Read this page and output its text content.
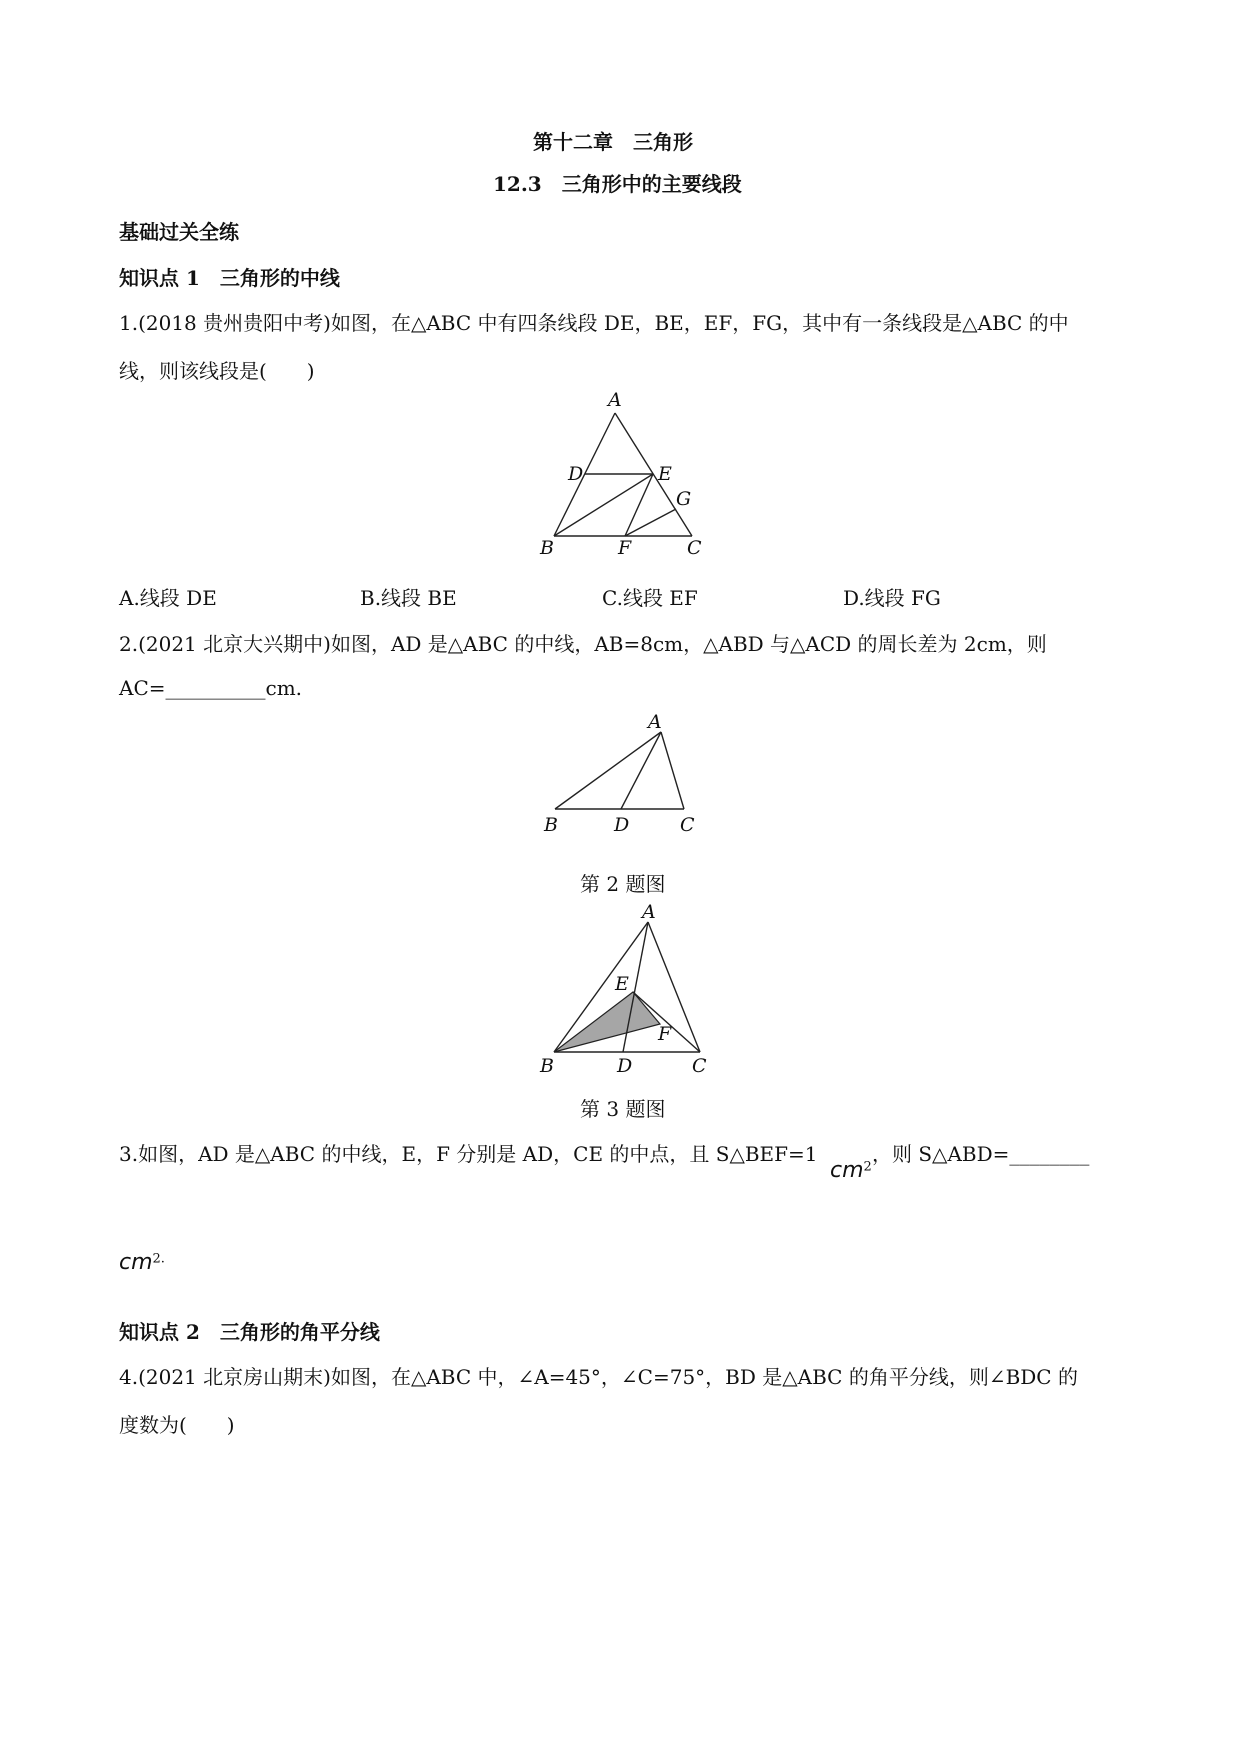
第十二章　三角形
12.3　三角形中的主要线段
基础过关全练
知识点 1　三角形的中线
1.(2018 贵州贵阳中考)如图，在△ABC 中有四条线段 DE，BE，EF，FG，其中有一条线段是△ABC 的中
线，则该线段是(　　)
A
D	E
G
B	F	C
A.线段 DE	B.线段 BE	C.线段 EF	D.线段 FG
2.(2021 北京大兴期中)如图，AD 是△ABC 的中线，AB=8cm，△ABD 与△ACD 的周长差为 2cm，则
AC=__________cm.
A
B	D	C
第 2 题图
A
E
F
B	D	C
第 3 题图
3.如图，AD 是△ABC 的中线，E，F 分别是 AD，CE 的中点，且 S△BEF=1
$cm^2$
，则 S△ABD=________
$cm^{2.}$
知识点 2　三角形的角平分线
4.(2021 北京房山期末)如图，在△ABC 中，∠A=45°，∠C=75°，BD 是△ABC 的角平分线，则∠BDC 的
度数为(　　)
